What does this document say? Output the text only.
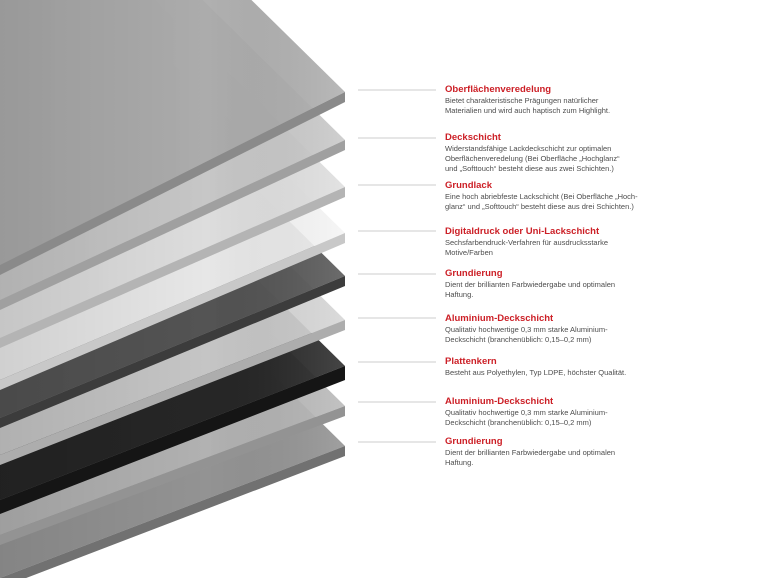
Oberflächenveredelung
Bietet charakteristische Prägungen natürlicher
Materialien und wird auch haptisch zum Highlight.
Deckschicht
Widerstandsfähige Lackdeckschicht zur optimalen
Oberflächenveredelung (Bei Oberfläche „Hochglanz“
und „Softtouch“ besteht diese aus zwei Schichten.)
Grundlack
Eine hoch abriebfeste Lackschicht (Bei Oberfläche „Hoch-
glanz“ und „Softtouch“ besteht diese aus drei Schichten.)
Digitaldruck oder Uni-Lackschicht
Sechsfarbendruck-Verfahren für ausdrucksstarke
Motive/Farben
Grundierung
Dient der brillianten Farbwiedergabe und optimalen
Haftung.
Aluminium-Deckschicht
Qualitativ hochwertige 0,3 mm starke Aluminium-
Deckschicht (branchenüblich: 0,15–0,2 mm)
Plattenkern
Besteht aus Polyethylen, Typ LDPE, höchster Qualität.
Aluminium-Deckschicht
Qualitativ hochwertige 0,3 mm starke Aluminium-
Deckschicht (branchenüblich: 0,15–0,2 mm)
Grundierung
Dient der brillianten Farbwiedergabe und optimalen
Haftung.
